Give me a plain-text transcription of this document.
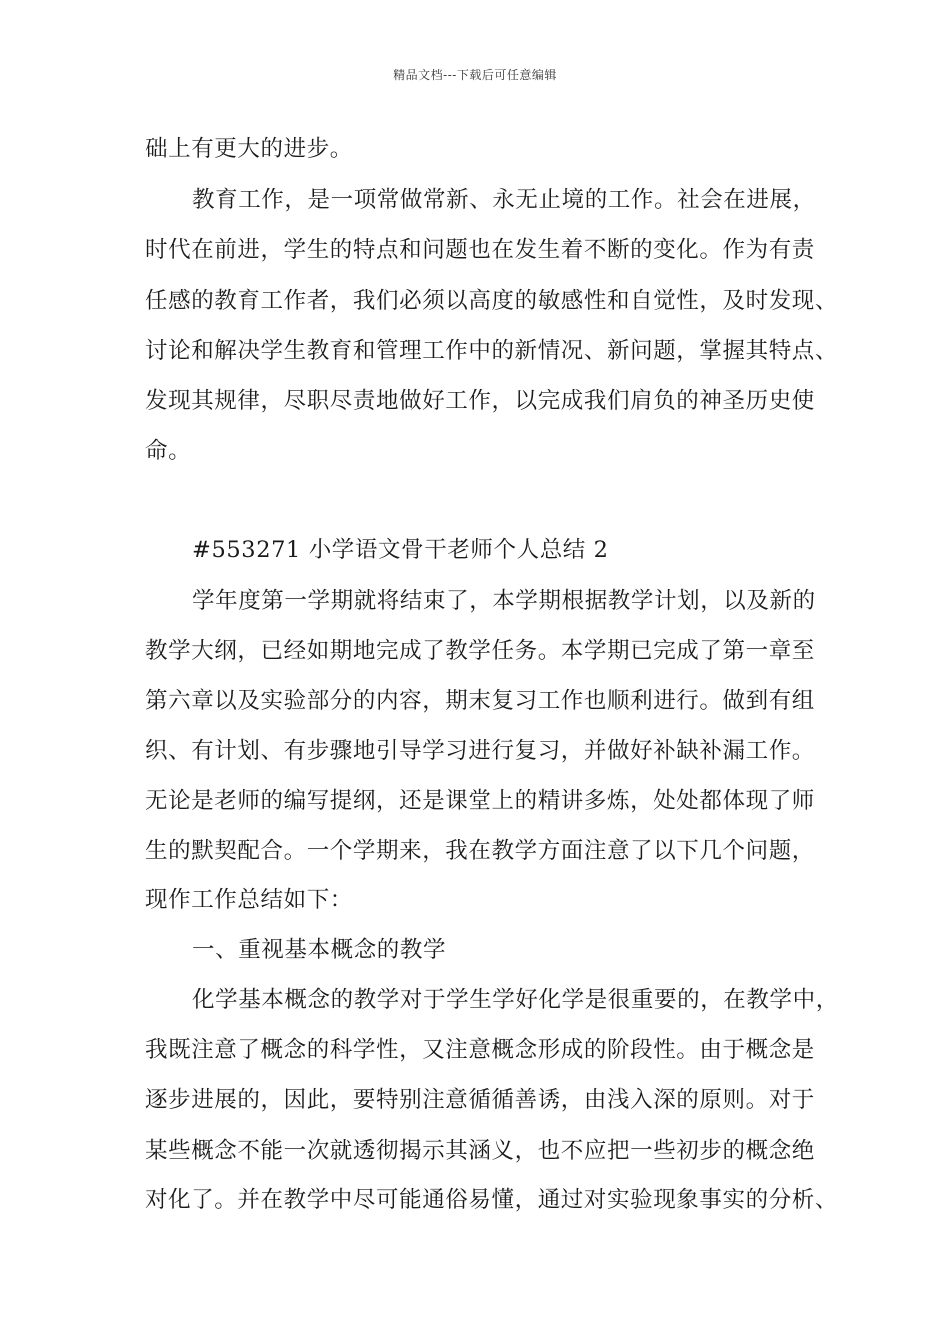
精品文档---下载后可任意编辑
础上有更大的进步。
教育工作，是一项常做常新、永无止境的工作。社会在进展，
时代在前进，学生的特点和问题也在发生着不断的变化。作为有责
任感的教育工作者，我们必须以高度的敏感性和自觉性，及时发现、
讨论和解决学生教育和管理工作中的新情况、新问题，掌握其特点、
发现其规律，尽职尽责地做好工作，以完成我们肩负的神圣历史使
命。
#553271 小学语文骨干老师个人总结 2
学年度第一学期就将结束了，本学期根据教学计划，以及新的
教学大纲，已经如期地完成了教学任务。本学期已完成了第一章至
第六章以及实验部分的内容，期末复习工作也顺利进行。做到有组
织、有计划、有步骤地引导学习进行复习，并做好补缺补漏工作。
无论是老师的编写提纲，还是课堂上的精讲多炼，处处都体现了师
生的默契配合。一个学期来，我在教学方面注意了以下几个问题，
现作工作总结如下：
一、重视基本概念的教学
化学基本概念的教学对于学生学好化学是很重要的，在教学中，
我既注意了概念的科学性，又注意概念形成的阶段性。由于概念是
逐步进展的，因此，要特别注意循循善诱，由浅入深的原则。对于
某些概念不能一次就透彻揭示其涵义，也不应把一些初步的概念绝
对化了。并在教学中尽可能通俗易懂，通过对实验现象事实的分析、
